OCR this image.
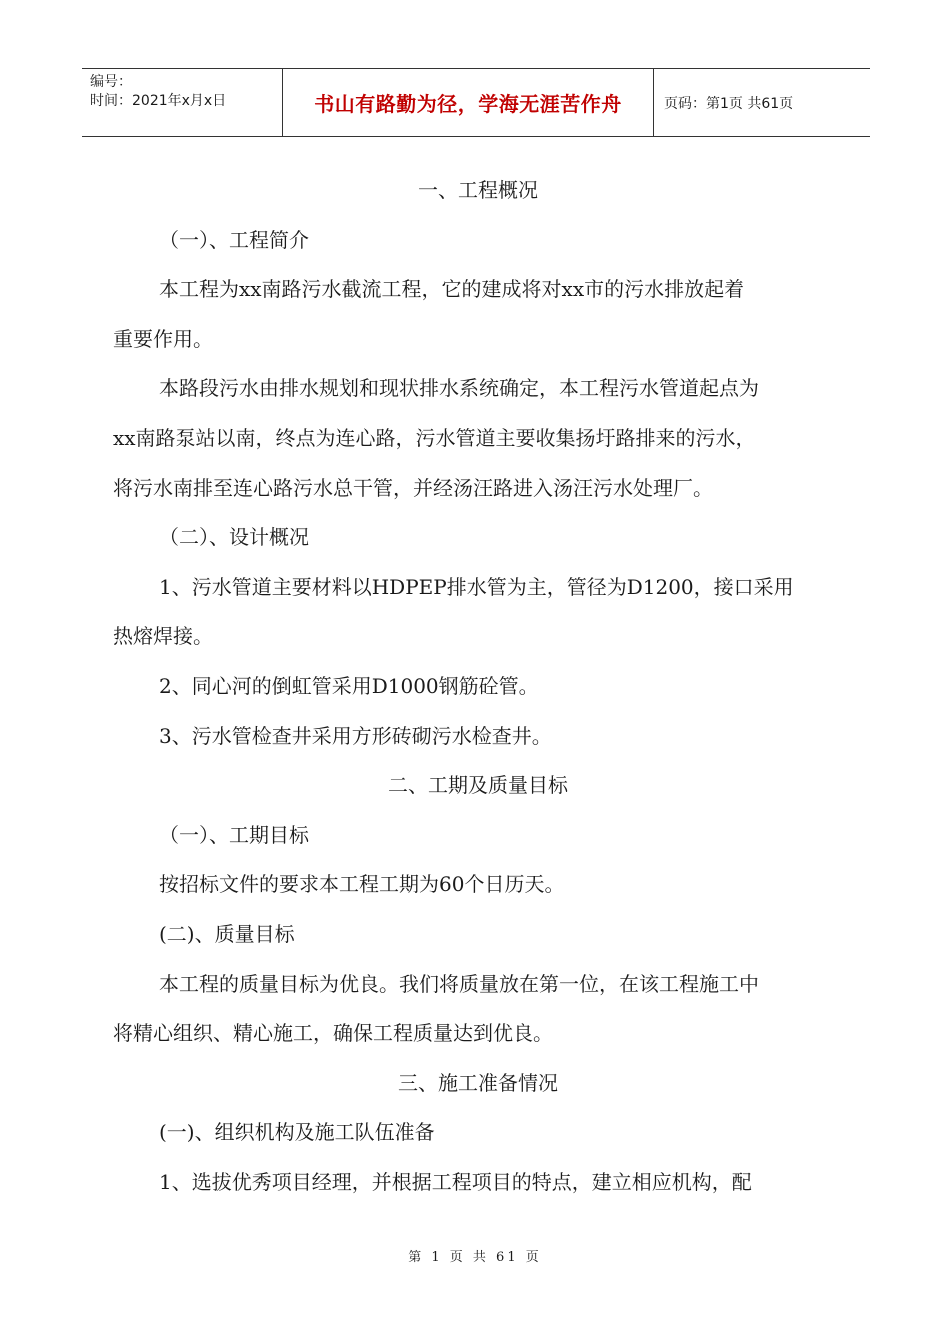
编号：
时间：2021年x月x日	书山有路勤为径，学海无涯苦作舟	页码：第1页 共61页

一、工程概况

（一）、工程简介

本工程为xx南路污水截流工程，它的建成将对xx市的污水排放起着

重要作用。

本路段污水由排水规划和现状排水系统确定，本工程污水管道起点为

xx南路泵站以南，终点为连心路，污水管道主要收集扬圩路排来的污水，

将污水南排至连心路污水总干管，并经汤汪路进入汤汪污水处理厂。

（二）、设计概况

1、污水管道主要材料以HDPEP排水管为主，管径为D1200，接口采用

热熔焊接。

2、同心河的倒虹管采用D1000钢筋砼管。

3、污水管检查井采用方形砖砌污水检查井。

二、工期及质量目标

（一）、工期目标

按招标文件的要求本工程工期为60个日历天。

(二)、质量目标

本工程的质量目标为优良。我们将质量放在第一位，在该工程施工中

将精心组织、精心施工，确保工程质量达到优良。

三、施工准备情况

(一)、组织机构及施工队伍准备

1、选拔优秀项目经理，并根据工程项目的特点，建立相应机构，配

第 1 页 共 61 页
